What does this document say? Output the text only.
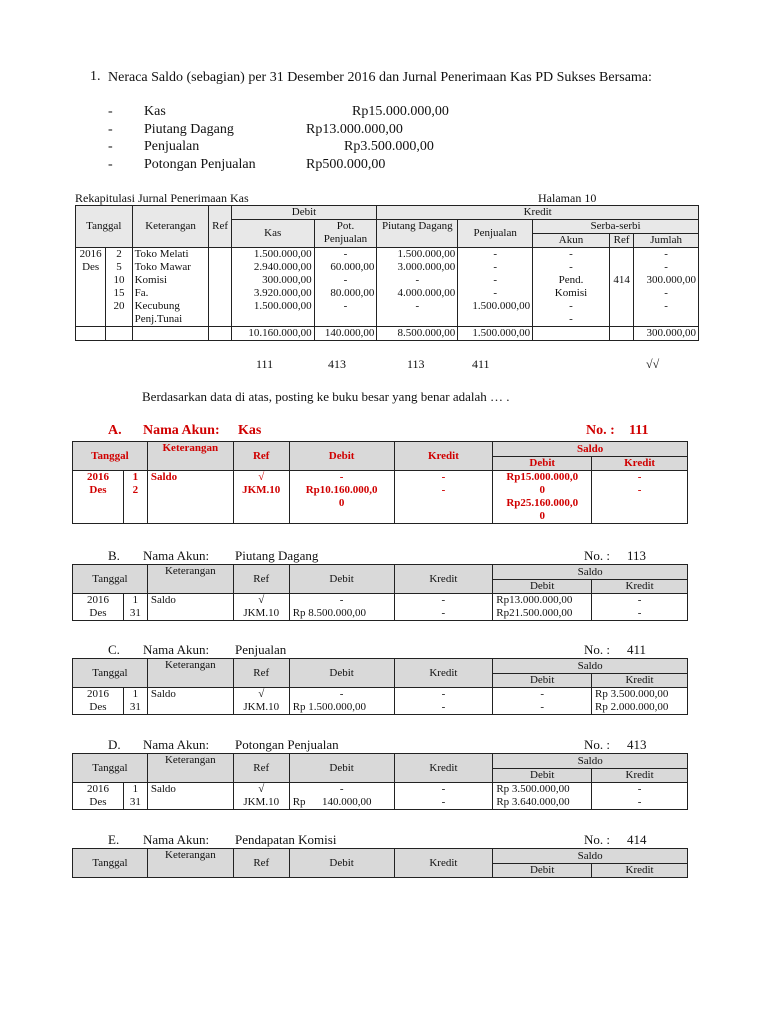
1. Neraca Saldo (sebagian) per 31 Desember 2016 dan Jurnal Penerimaan Kas PD Sukses Bersama:
- Kas	Rp15.000.000,00
- Piutang Dagang	Rp13.000.000,00
- Penjualan	Rp3.500.000,00
- Potongan Penjualan	Rp500.000,00
Rekapitulasi Jurnal Penerimaan Kas	Halaman 10
Tanggal		Keterangan	Ref	Debit		Kredit				
				Kas	Pot. Penjualan	Piutang Dagang	Penjualan	Serba-serbi		
								Akun	Ref	Jumlah
2016	2	Toko Melati		1.500.000,00	-	1.500.000,00	-	-		-
Des	5	Toko Mawar		2.940.000,00	60.000,00	3.000.000,00	-	-		-
	10	Komisi		300.000,00	-	-	-	Pend.	414	300.000,00
	15	Fa.		3.920.000,00	80.000,00	4.000.000,00	-	Komisi		-
	20	Kecubung		1.500.000,00	-	-	1.500.000,00	-		-
		Penj.Tunai						-		
				10.160.000,00	140.000,00	8.500.000,00	1.500.000,00			300.000,00
111	413	113	411	√√
Berdasarkan data di atas, posting ke buku besar yang benar adalah … .
A. Nama Akun: Kas	No. : 111
Tanggal		Keterangan	Ref	Debit	Kredit	Saldo	
						Debit	Kredit
2016	1	Saldo	√	-	-	Rp15.000.000,0	-
Des	2		JKM.10	Rp10.160.000,0	-	0	-
				0		Rp25.160.000,0	
						0	
B. Nama Akun: Piutang Dagang	No. : 113
Tanggal		Keterangan	Ref	Debit	Kredit	Saldo	
						Debit	Kredit
2016	1	Saldo	√	-	-	Rp13.000.000,00	-
Des	31		JKM.10	Rp 8.500.000,00	-	Rp21.500.000,00	-
C. Nama Akun: Penjualan	No. : 411
Tanggal		Keterangan	Ref	Debit	Kredit	Saldo	
						Debit	Kredit
2016	1	Saldo	√	-	-	-	Rp 3.500.000,00
Des	31		JKM.10	Rp 1.500.000,00	-	-	Rp 2.000.000,00
D. Nama Akun: Potongan Penjualan	No. : 413
Tanggal		Keterangan	Ref	Debit	Kredit	Saldo	
						Debit	Kredit
2016	1	Saldo	√	-	-	Rp 3.500.000,00	-
Des	31		JKM.10	Rp      140.000,00	-	Rp 3.640.000,00	-
E. Nama Akun: Pendapatan Komisi	No. : 414
Tanggal	Keterangan	Ref	Debit	Kredit	Saldo	
					Debit	Kredit
